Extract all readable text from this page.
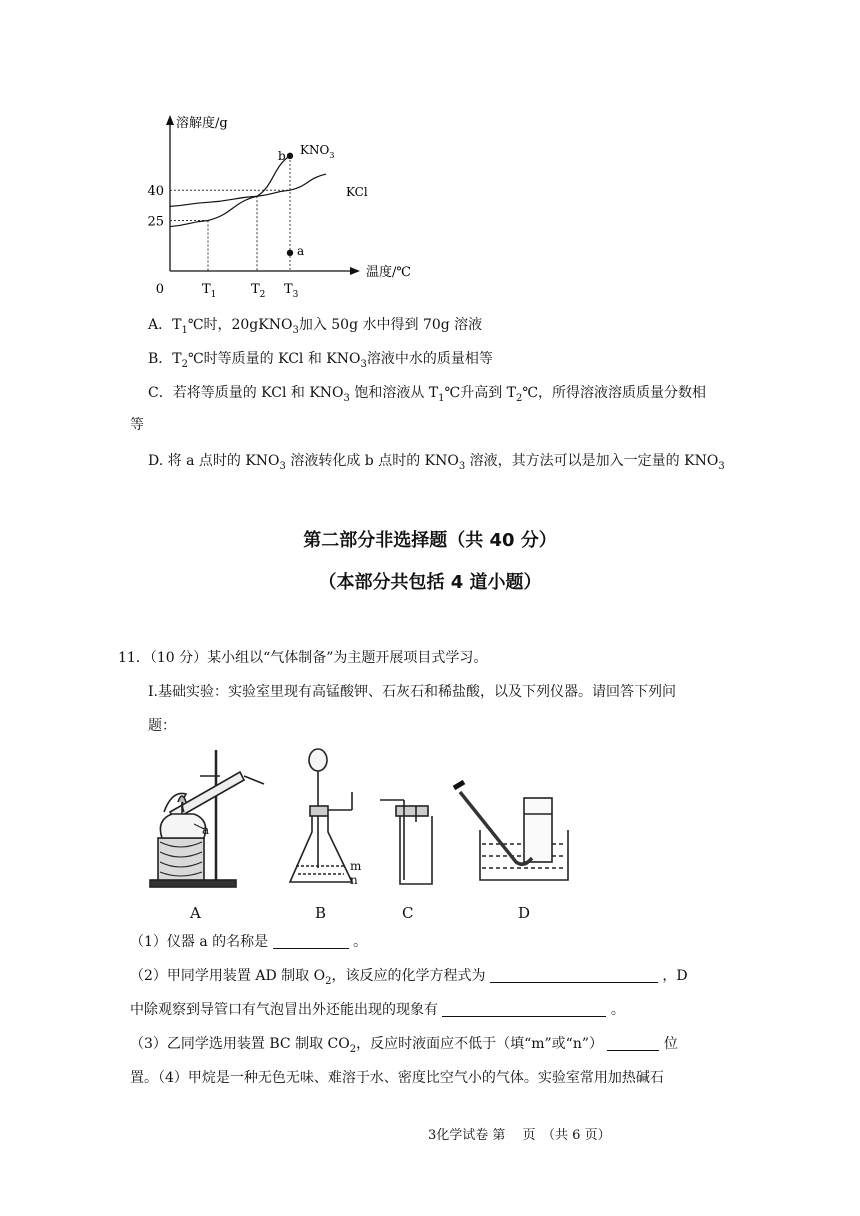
溶解度/g
温度/℃
0
25
40
$T_1$	$T_2$ $T_3$
$KNO_3$
KCl
b
a
A．$T_1℃$时，20gKNO$_3$加入 50g 水中得到 70g 溶液
B．$T_2℃$时等质量的 KCl 和 $KNO_3$溶液中水的质量相等
C．若将等质量的 KCl 和 $KNO_3$ 饱和溶液从 $T_1℃$升高到 $T_2℃$，所得溶液溶质质量分数相
等
D. 将 a 点时的 $KNO_3$ 溶液转化成 b 点时的 $KNO_3$ 溶液，其方法可以是加入一定量的 $KNO_3$
第二部分非选择题（共 40 分）
（本部分共包括 4 道小题）
11．（10 分）某小组以“气体制备”为主题开展项目式学习。
Ⅰ.基础实验：实验室里现有高锰酸钾、石灰石和稀盐酸，以及下列仪器。请回答下列问
题：
a
A
m
n
B	C	D
（1）仪器 a 的名称是	。
（2）甲同学用装置 AD 制取 $O_2$，该反应的化学方程式为	，D
中除观察到导管口有气泡冒出外还能出现的现象有	。
（3）乙同学选用装置 BC 制取 $CO_2$，反应时液面应不低于（填“m”或“n”）	位
置。（4）甲烷是一种无色无味、难溶于水、密度比空气小的气体。实验室常用加热碱石
3化学试卷 第　 页　（共 6 页）
